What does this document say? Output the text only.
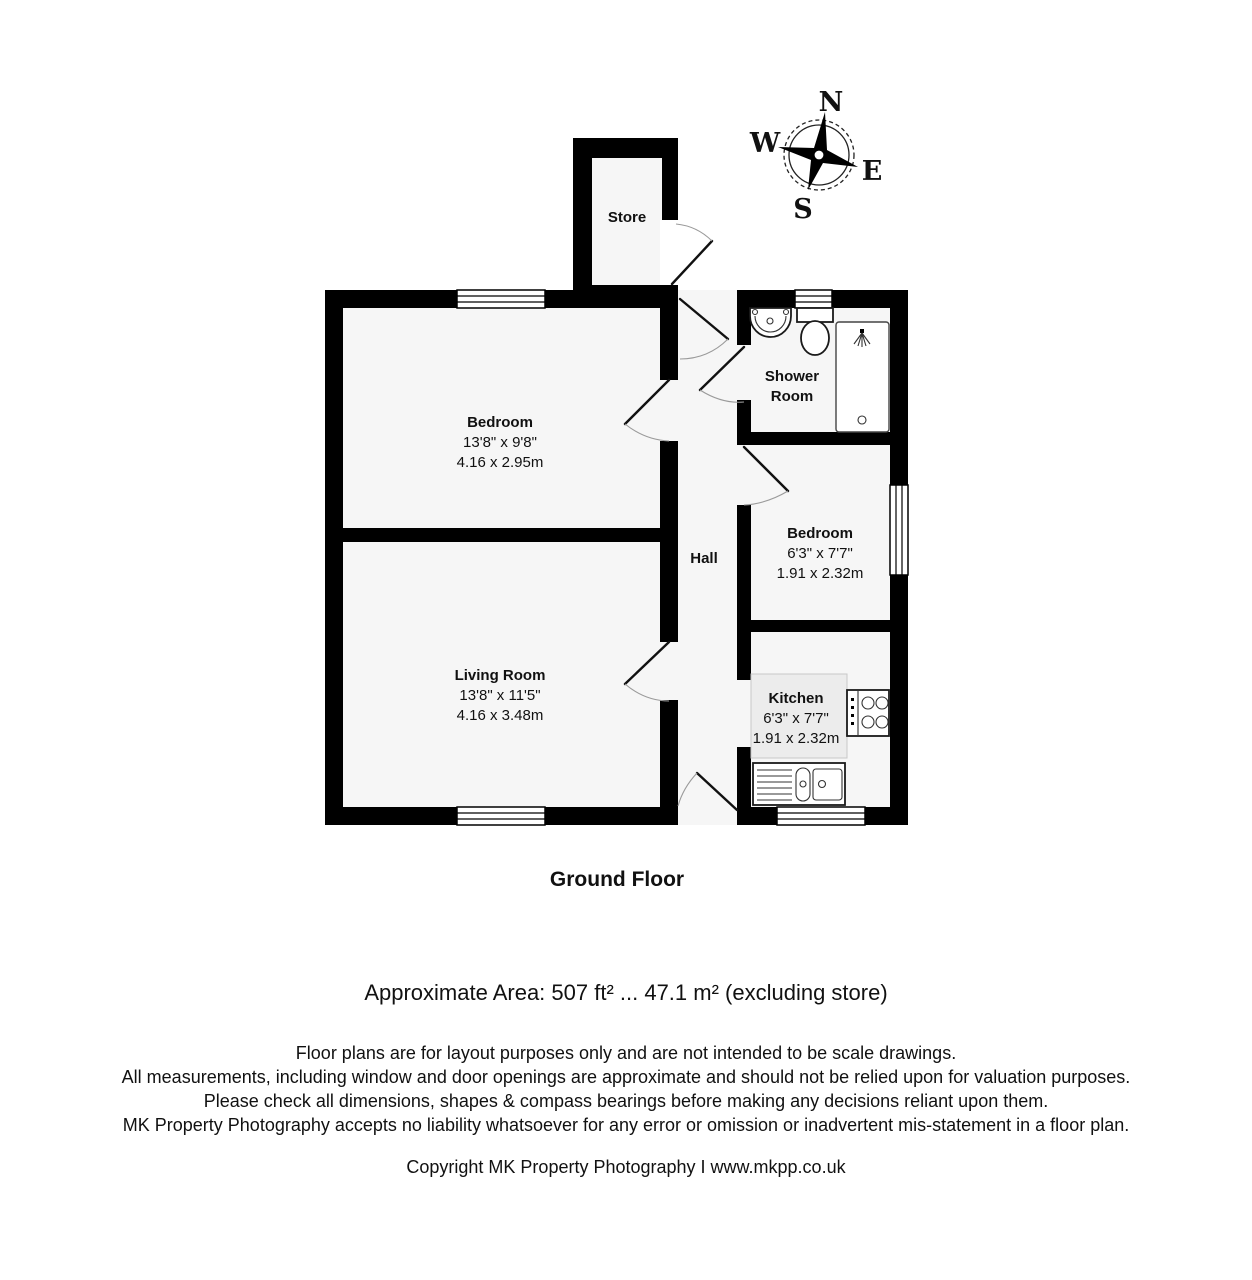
N
W
E
S
Store
Bedroom
13'8" x 9'8"
4.16 x 2.95m
Shower
Room
Hall
Bedroom
6'3" x 7'7"
1.91 x 2.32m
Living Room
13'8" x 11'5"
4.16 x 3.48m
Kitchen
6'3" x 7'7"
1.91 x 2.32m
Ground Floor
Approximate Area: 507 ft² ... 47.1 m² (excluding store)
Floor plans are for layout purposes only and are not intended to be scale drawings.
All measurements, including window and door openings are approximate and should not be relied upon for valuation purposes.
Please check all dimensions, shapes & compass bearings before making any decisions reliant upon them.
MK Property Photography accepts no liability whatsoever for any error or omission or inadvertent mis-statement in a floor plan.
Copyright MK Property Photography I www.mkpp.co.uk
